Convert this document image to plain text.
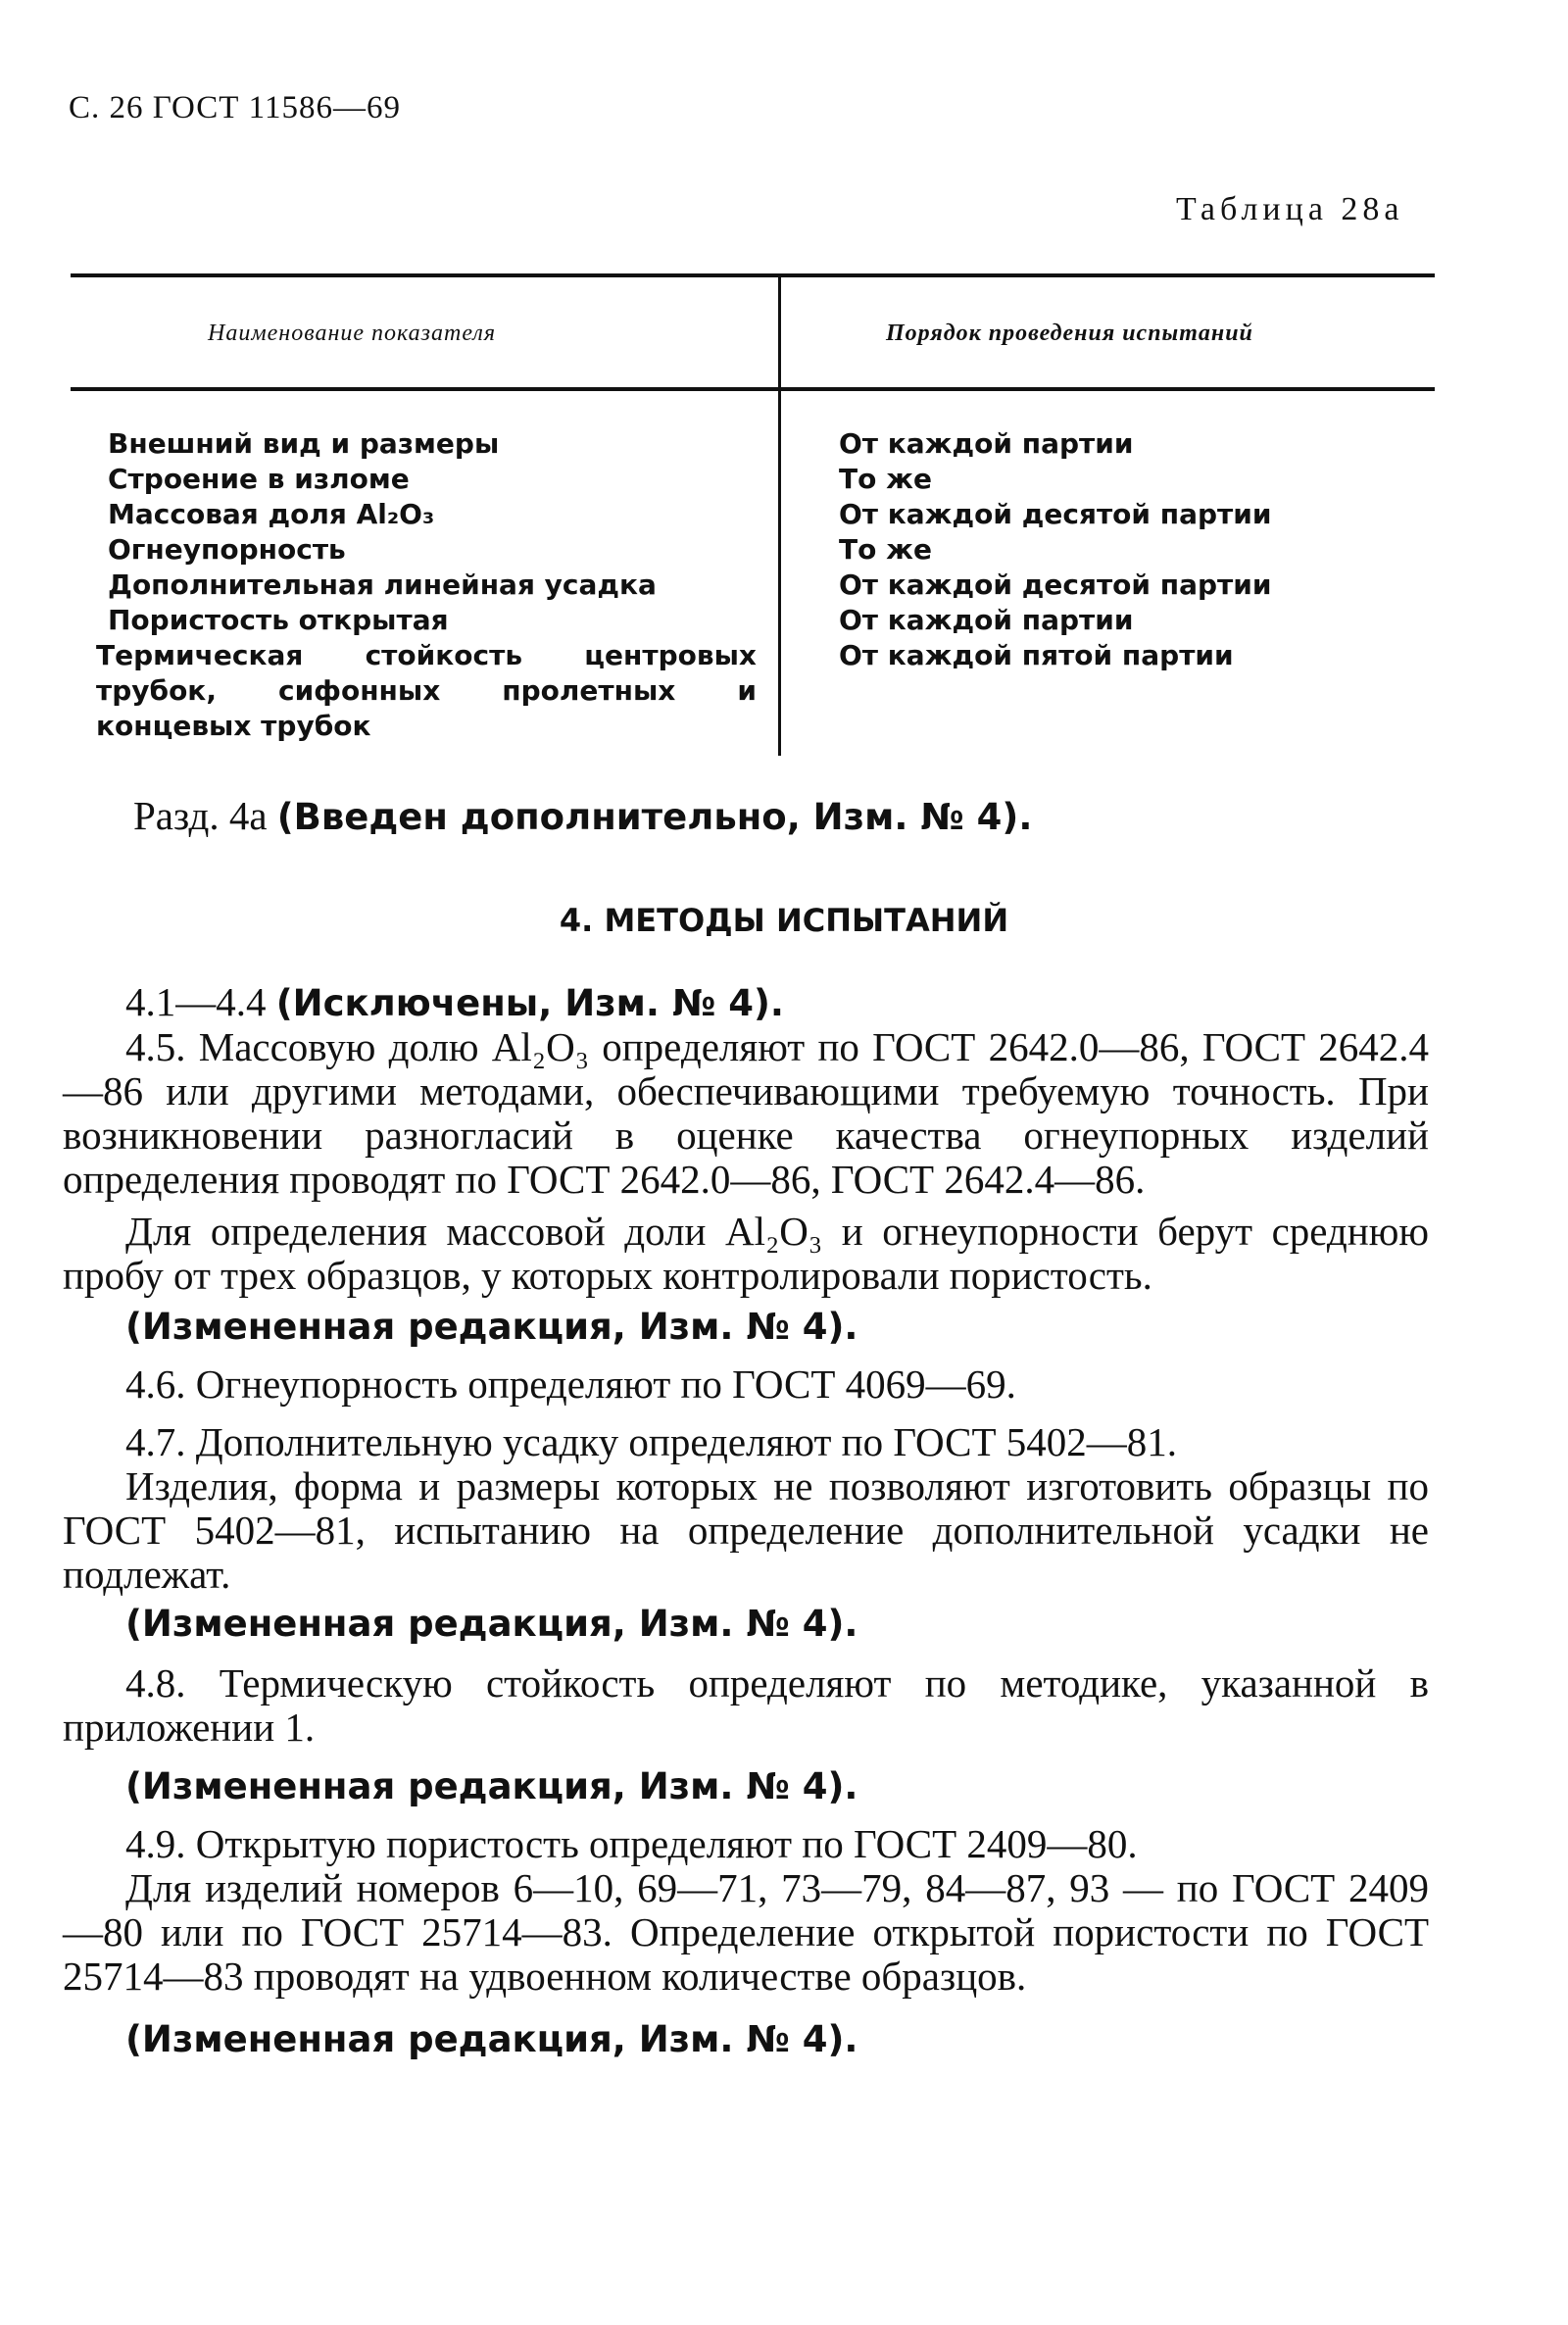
С. 26 ГОСТ 11586—69
Таблица 28а
Наименование показателя	Порядок проведения испытаний
Внешний вид и размеры
Строение в изломе
Массовая доля Al₂O₃
Огнеупорность
Дополнительная линейная усадка
Пористость открытая
Термическая стойкость центровых трубок, сифонных пролетных и концевых трубок
От каждой партии
То же
От каждой десятой партии
То же
От каждой десятой партии
От каждой партии
От каждой пятой партии
Разд. 4а (Введен дополнительно, Изм. № 4).
4. МЕТОДЫ ИСПЫТАНИЙ

4.1—4.4 (Исключены, Изм. № 4).

4.5. Массовую долю Al₂O₃ определяют по ГОСТ 2642.0—86, ГОСТ 2642.4—86 или другими методами, обеспечивающими требуемую точность. При возникновении разногласий в оценке качества огнеупорных изделий определения проводят по ГОСТ 2642.0—86, ГОСТ 2642.4—86.

Для определения массовой доли Al₂O₃ и огнеупорности берут среднюю пробу от трех образцов, у которых контролировали пористость.

(Измененная редакция, Изм. № 4).

4.6. Огнеупорность определяют по ГОСТ 4069—69.

4.7. Дополнительную усадку определяют по ГОСТ 5402—81.

Изделия, форма и размеры которых не позволяют изготовить образцы по ГОСТ 5402—81, испытанию на определение дополнительной усадки не подлежат.

(Измененная редакция, Изм. № 4).

4.8. Термическую стойкость определяют по методике, указанной в приложении 1.

(Измененная редакция, Изм. № 4).

4.9. Открытую пористость определяют по ГОСТ 2409—80.

Для изделий номеров 6—10, 69—71, 73—79, 84—87, 93 — по ГОСТ 2409—80 или по ГОСТ 25714—83. Определение открытой пористости по ГОСТ 25714—83 проводят на удвоенном количестве образцов.

(Измененная редакция, Изм. № 4).
